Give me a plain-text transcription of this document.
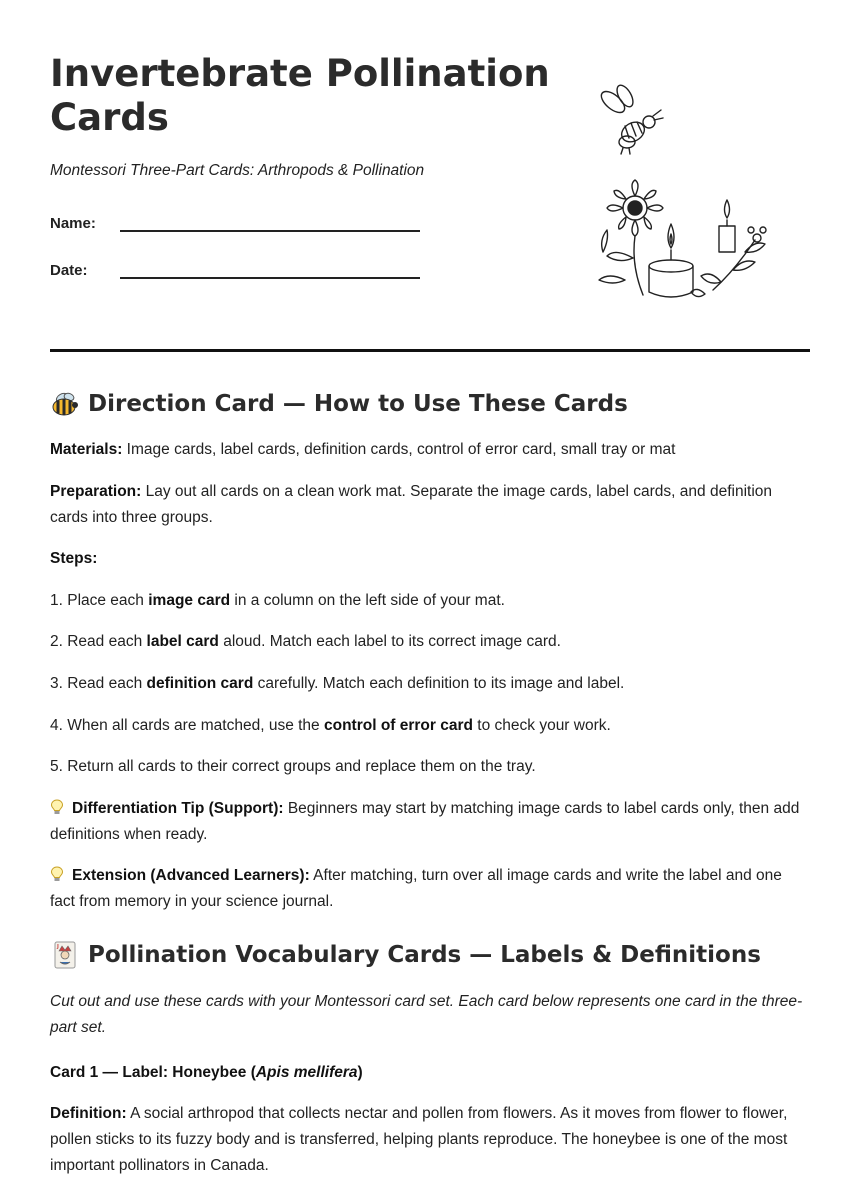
Invertebrate Pollination Cards

Montessori Three-Part Cards: Arthropods & Pollination

Name:
Date:
Direction Card — How to Use These Cards

Materials: Image cards, label cards, definition cards, control of error card, small tray or mat

Preparation: Lay out all cards on a clean work mat. Separate the image cards, label cards, and definition cards into three groups.

Steps:

1. Place each image card in a column on the left side of your mat.

2. Read each label card aloud. Match each label to its correct image card.

3. Read each definition card carefully. Match each definition to its image and label.

4. When all cards are matched, use the control of error card to check your work.

5. Return all cards to their correct groups and replace them on the tray.

Differentiation Tip (Support): Beginners may start by matching image cards to label cards only, then add definitions when ready.

Extension (Advanced Learners): After matching, turn over all image cards and write the label and one fact from memory in your science journal.

J Pollination Vocabulary Cards — Labels & Definitions

Cut out and use these cards with your Montessori card set. Each card below represents one card in the three-part set.

Card 1 — Label: Honeybee (Apis mellifera)

Definition: A social arthropod that collects nectar and pollen from flowers. As it moves from flower to flower, pollen sticks to its fuzzy body and is transferred, helping plants reproduce. The honeybee is one of the most important pollinators in Canada.
